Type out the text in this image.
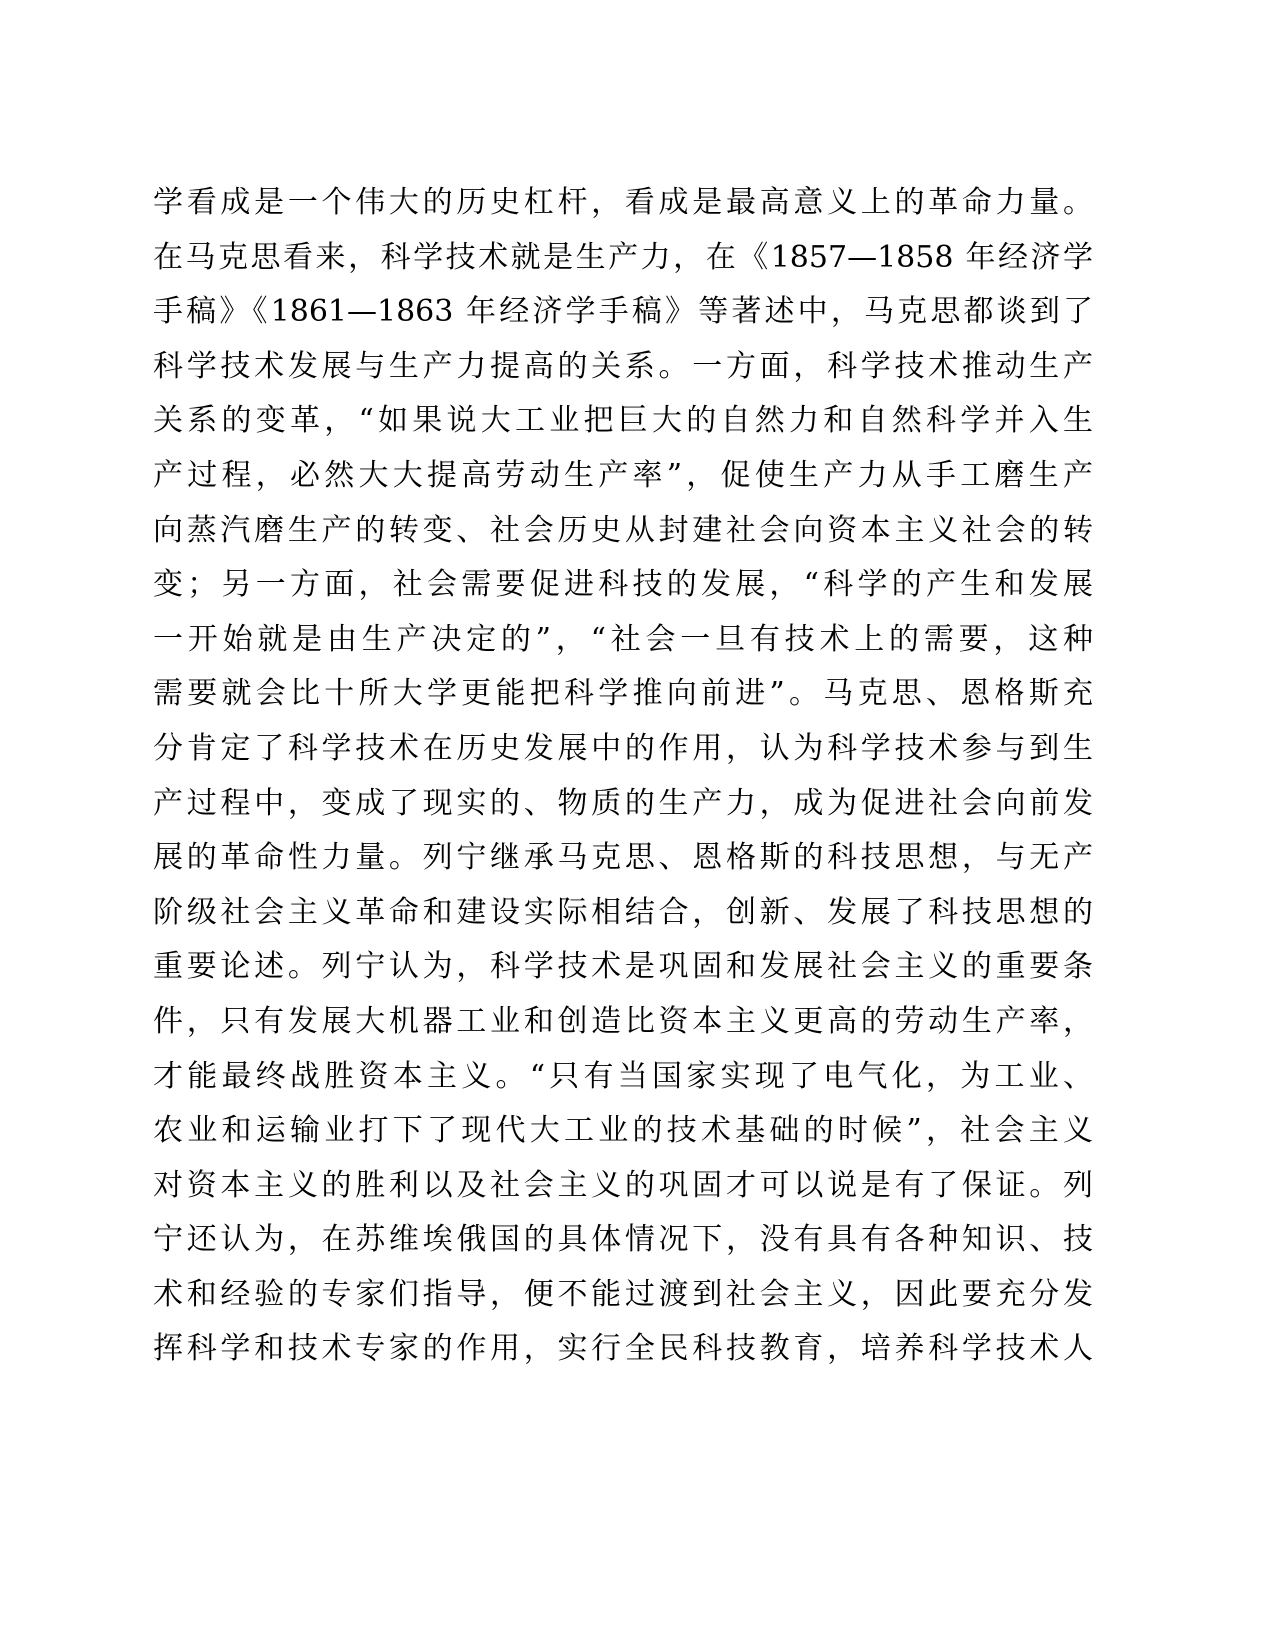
学看成是一个伟大的历史杠杆，看成是最高意义上的革命力量。
在马克思看来，科学技术就是生产力，在《1857—1858 年经济学
手稿》《1861—1863 年经济学手稿》等著述中，马克思都谈到了
科学技术发展与生产力提高的关系。一方面，科学技术推动生产
关系的变革，“如果说大工业把巨大的自然力和自然科学并入生
产过程，必然大大提高劳动生产率”，促使生产力从手工磨生产
向蒸汽磨生产的转变、社会历史从封建社会向资本主义社会的转
变；另一方面，社会需要促进科技的发展，“科学的产生和发展
一开始就是由生产决定的”，“社会一旦有技术上的需要，这种
需要就会比十所大学更能把科学推向前进”。马克思、恩格斯充
分肯定了科学技术在历史发展中的作用，认为科学技术参与到生
产过程中，变成了现实的、物质的生产力，成为促进社会向前发
展的革命性力量。列宁继承马克思、恩格斯的科技思想，与无产
阶级社会主义革命和建设实际相结合，创新、发展了科技思想的
重要论述。列宁认为，科学技术是巩固和发展社会主义的重要条
件，只有发展大机器工业和创造比资本主义更高的劳动生产率，
才能最终战胜资本主义。“只有当国家实现了电气化，为工业、
农业和运输业打下了现代大工业的技术基础的时候”，社会主义
对资本主义的胜利以及社会主义的巩固才可以说是有了保证。列
宁还认为，在苏维埃俄国的具体情况下，没有具有各种知识、技
术和经验的专家们指导，便不能过渡到社会主义，因此要充分发
挥科学和技术专家的作用，实行全民科技教育，培养科学技术人
